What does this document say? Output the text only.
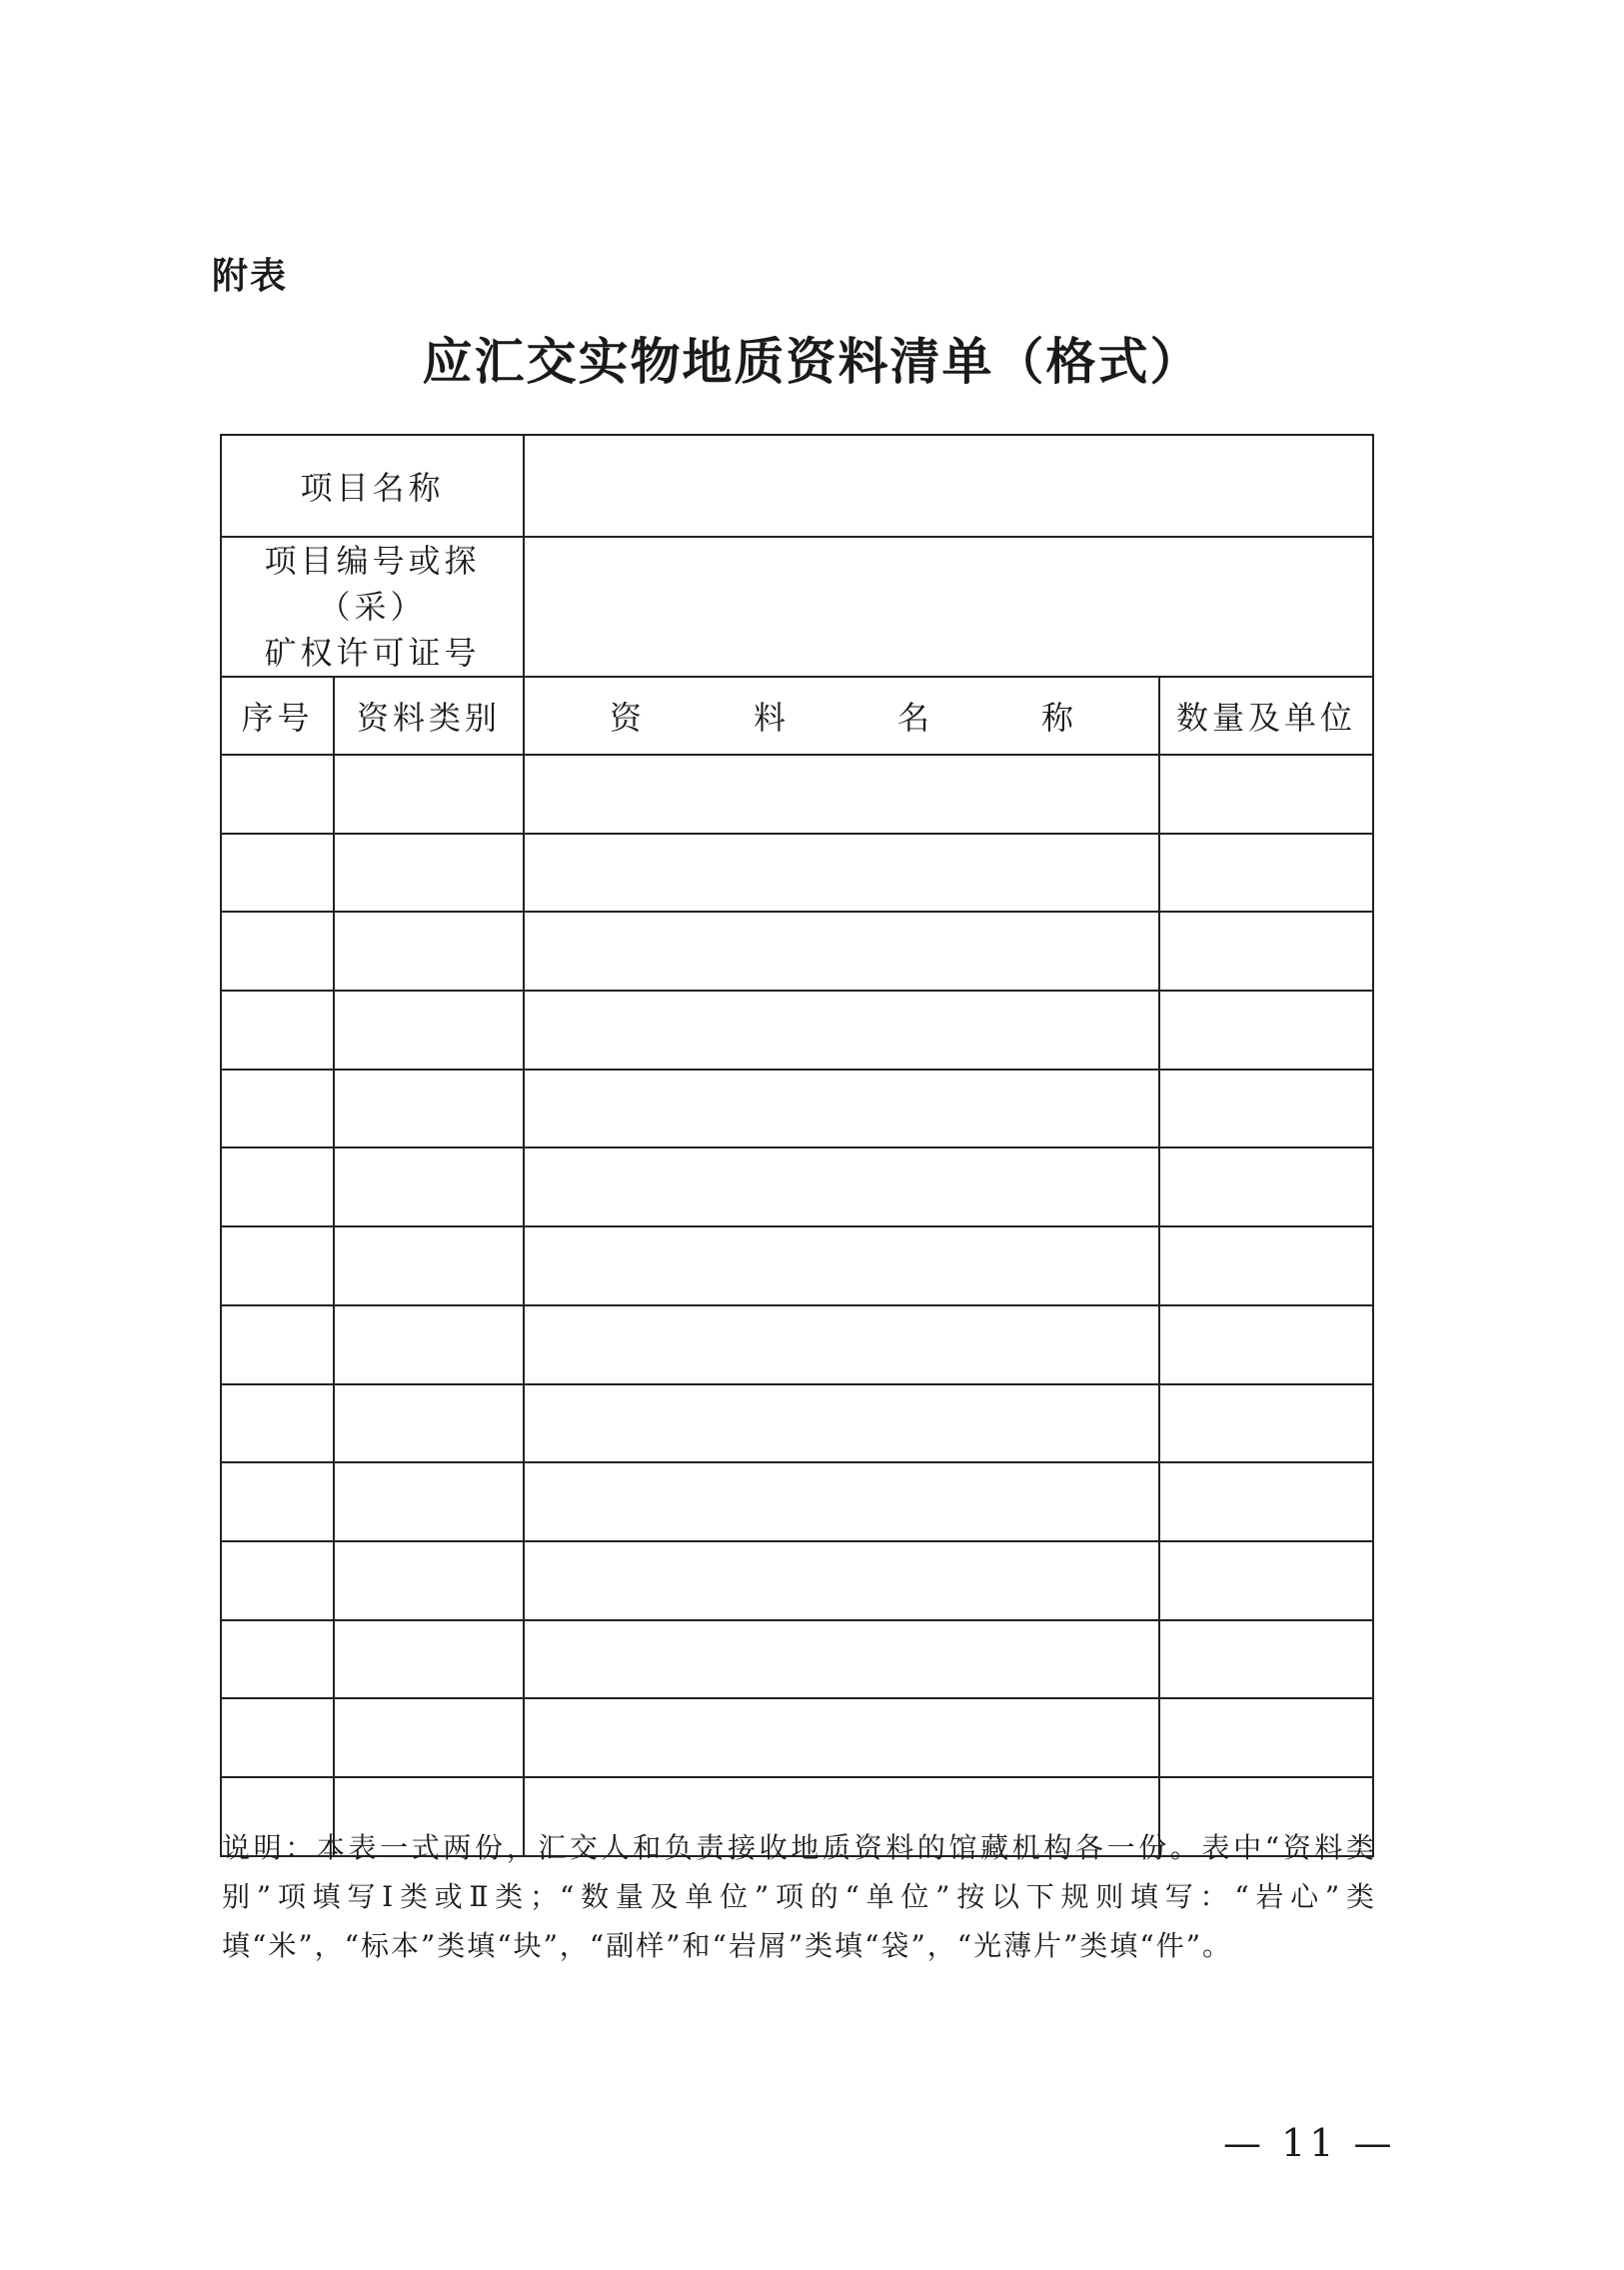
附表
应汇交实物地质资料清单（格式）
项目名称			

项目编号或探（采）
矿权许可证号			

序号	资料类别	资 料 名 称	数量及单位

说明：本表一式两份，汇交人和负责接收地质资料的馆藏机构各一份。表中“资料类别”项填写Ⅰ类或Ⅱ类；“数量及单位”项的“单位”按以下规则填写：“岩心”类填“米”，“标本”类填“块”，“副样”和“岩屑”类填“袋”，“光薄片”类填“件”。
— 11 —
